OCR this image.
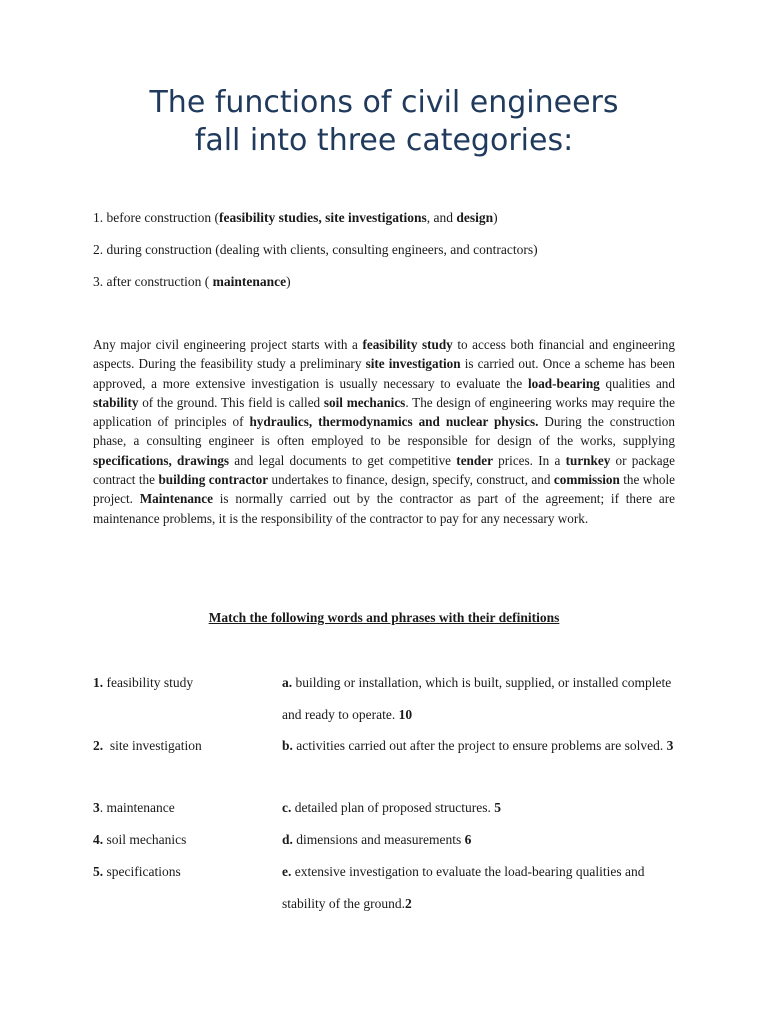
The functions of civil engineers
fall into three categories:
1. before construction (feasibility studies, site investigations, and design)
2. during construction (dealing with clients, consulting engineers, and contractors)
3. after construction ( maintenance)
Any major civil engineering project starts with a feasibility study to access both financial and engineering aspects. During the feasibility study a preliminary site investigation is carried out. Once a scheme has been approved, a more extensive investigation is usually necessary to evaluate the load-bearing qualities and stability of the ground. This field is called soil mechanics. The design of engineering works may require the application of principles of hydraulics, thermodynamics and nuclear physics. During the construction phase, a consulting engineer is often employed to be responsible for design of the works, supplying specifications, drawings and legal documents to get competitive tender prices. In a turnkey or package contract the building contractor undertakes to finance, design, specify, construct, and commission the whole project. Maintenance is normally carried out by the contractor as part of the agreement; if there are maintenance problems, it is the responsibility of the contractor to pay for any necessary work.
Match the following words and phrases with their definitions
1. feasibility study	a. building or installation, which is built, supplied, or installed complete and ready to operate. 10
2.  site investigation	b. activities carried out after the project to ensure problems are solved. 3
3. maintenance	c. detailed plan of proposed structures. 5
4. soil mechanics	d. dimensions and measurements 6
5. specifications	e. extensive investigation to evaluate the load-bearing qualities and stability of the ground.2
